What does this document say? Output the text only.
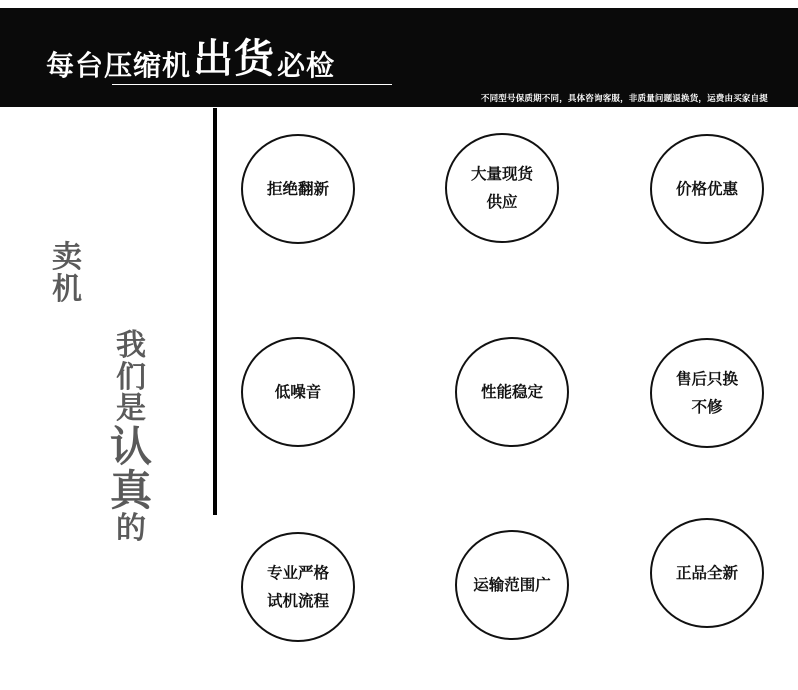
每台压缩机 出货 必检
不同型号保质期不同，具体咨询客服，非质量问题退换货，运费由买家自提
卖
机
我
们
是
认
真
的
拒绝翻新
大量现货
供应
价格优惠
低噪音	性能稳定
售后只换
不修
专业严格
试机流程
运输范围广
正品全新
